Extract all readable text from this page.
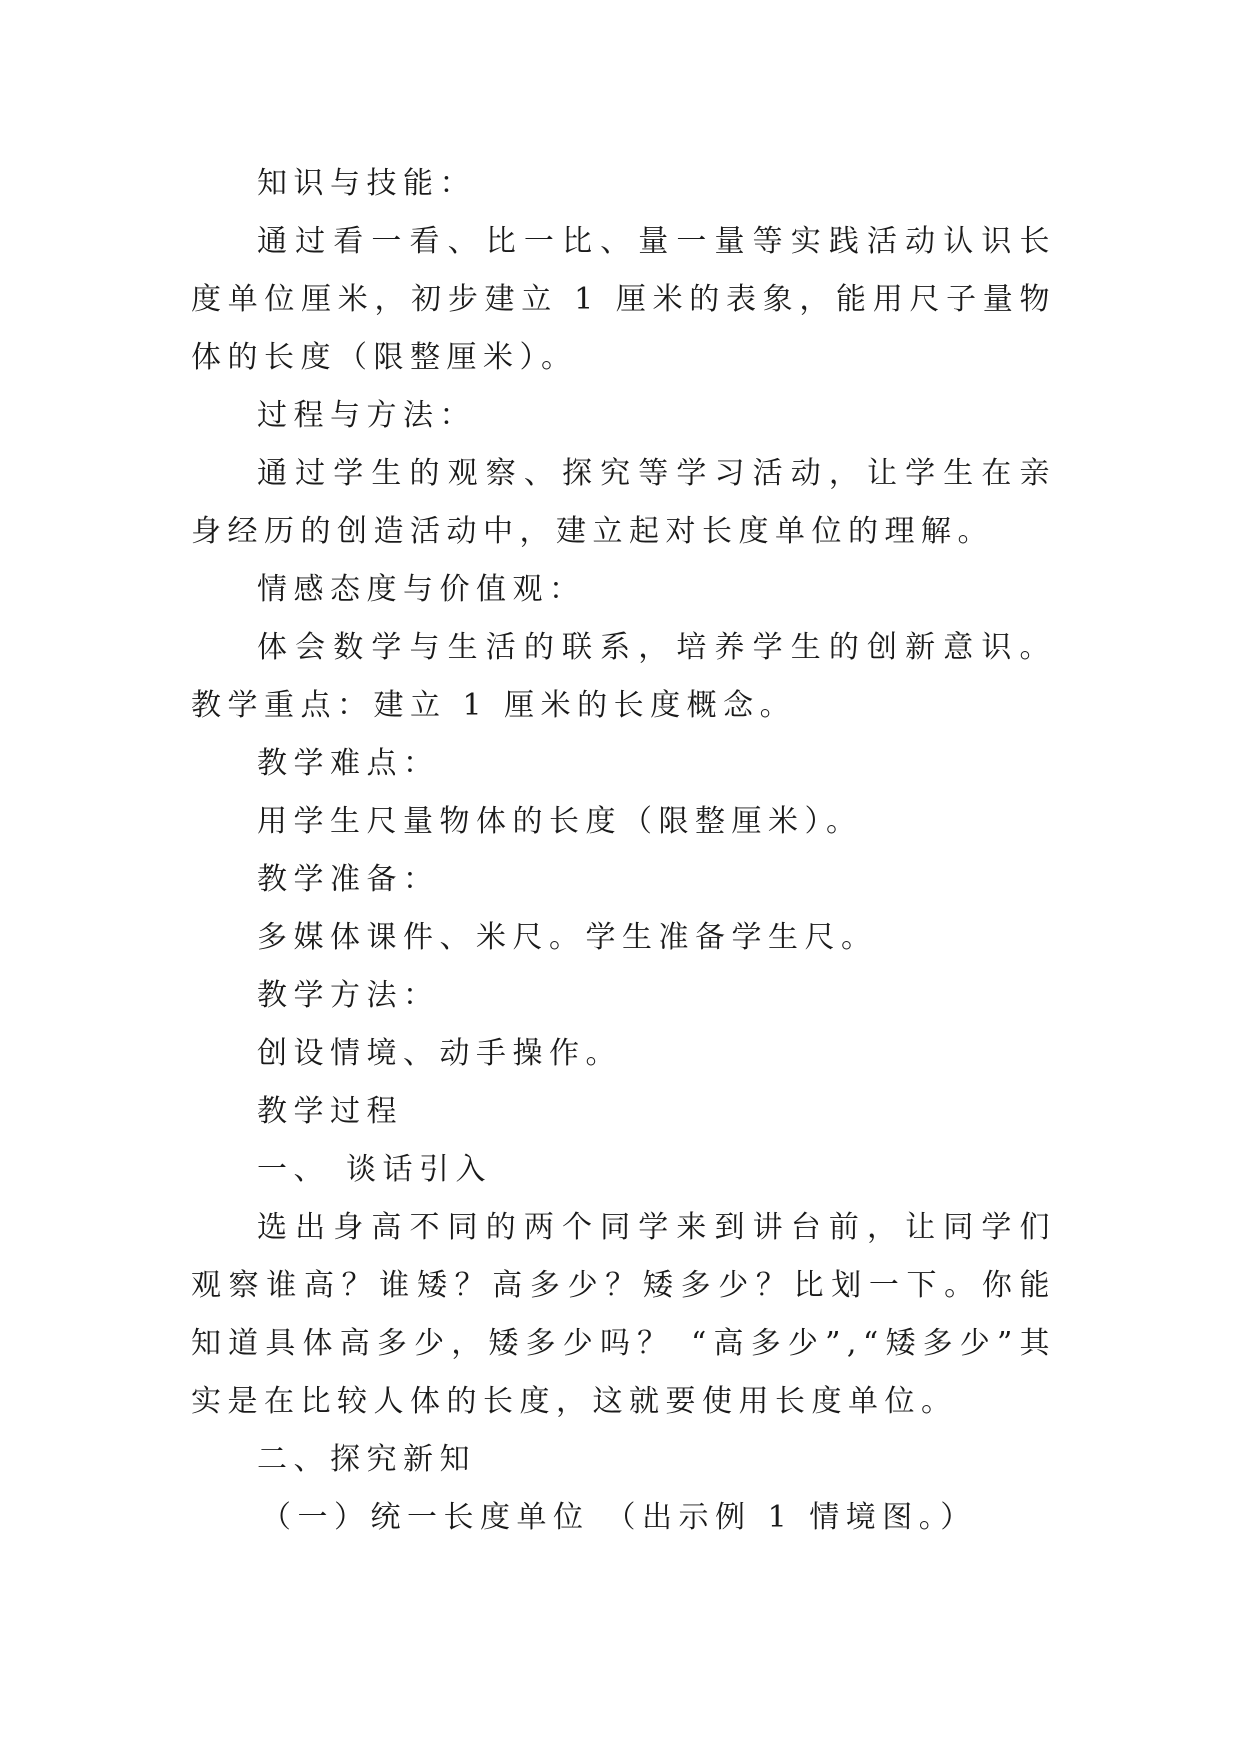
知识与技能：

通过看一看、比一比、量一量等实践活动认识长度单位厘米，初步建立 1 厘米的表象，能用尺子量物体的长度（限整厘米）。

过程与方法：

通过学生的观察、探究等学习活动，让学生在亲身经历的创造活动中，建立起对长度单位的理解。

情感态度与价值观：

体会数学与生活的联系，培养学生的创新意识。 教学重点：建立 1 厘米的长度概念。

教学难点：

用学生尺量物体的长度（限整厘米）。

教学准备：

多媒体课件、米尺。学生准备学生尺。

教学方法：

创设情境、动手操作。

教学过程

一、 谈话引入

选出身高不同的两个同学来到讲台前，让同学们观察谁高？谁矮？高多少？矮多少？比划一下。你能知道具体高多少，矮多少吗？ “高多少”,“矮多少”其实是在比较人体的长度，这就要使用长度单位。

二、探究新知

（一）统一长度单位 （出示例 1 情境图。）
